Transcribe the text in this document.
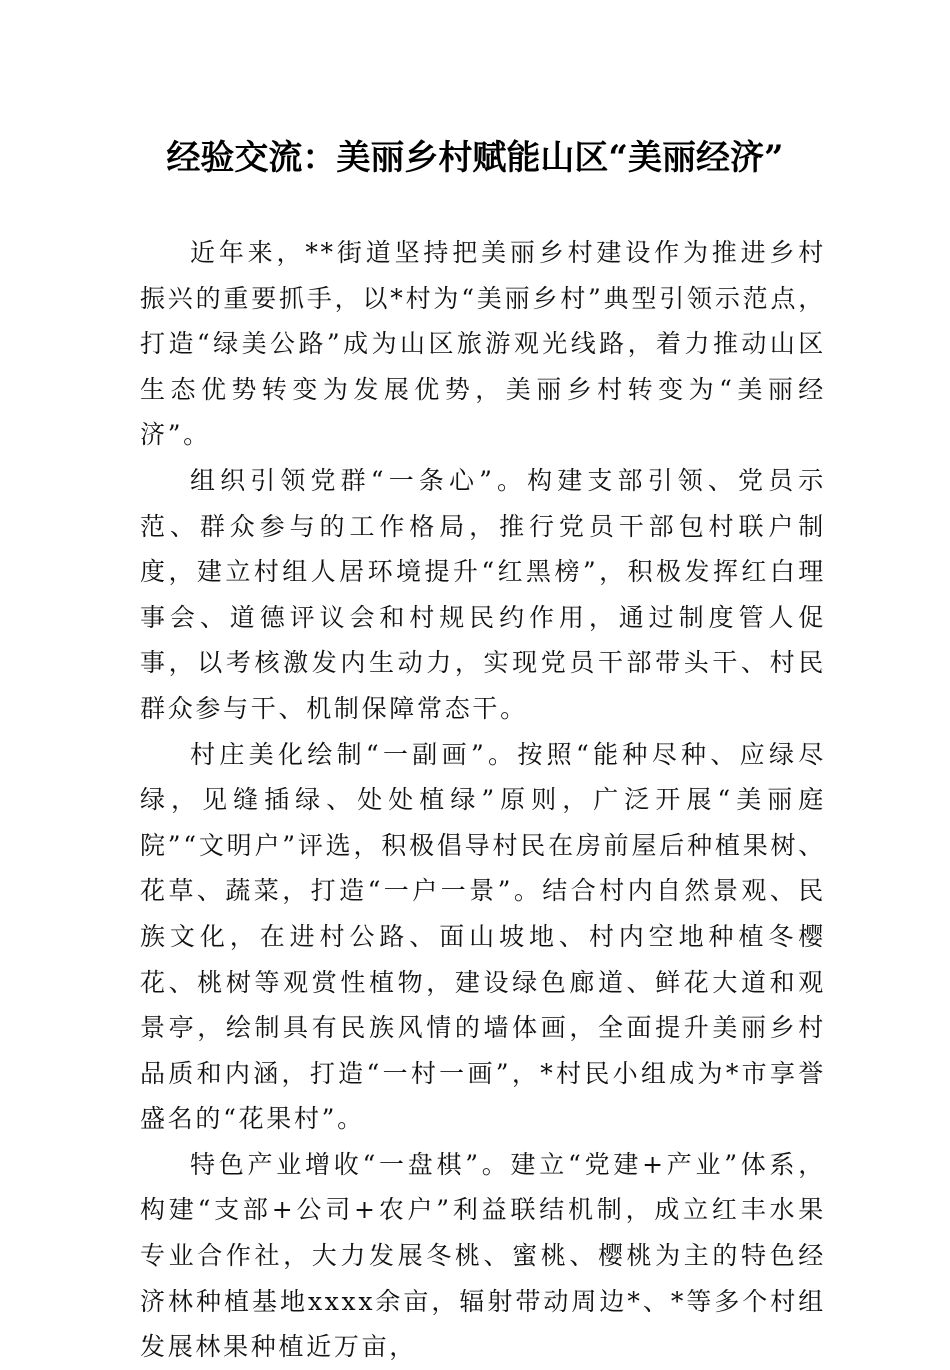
经验交流：美丽乡村赋能山区“美丽经济”

近年来，**街道坚持把美丽乡村建设作为推进乡村振兴的重要抓手，以*村为“美丽乡村”典型引领示范点，打造“绿美公路”成为山区旅游观光线路，着力推动山区生态优势转变为发展优势，美丽乡村转变为“美丽经济”。

组织引领党群“一条心”。构建支部引领、党员示范、群众参与的工作格局，推行党员干部包村联户制度，建立村组人居环境提升“红黑榜”，积极发挥红白理事会、道德评议会和村规民约作用，通过制度管人促事，以考核激发内生动力，实现党员干部带头干、村民群众参与干、机制保障常态干。

村庄美化绘制“一副画”。按照“能种尽种、应绿尽绿，见缝插绿、处处植绿”原则，广泛开展“美丽庭院”“文明户”评选，积极倡导村民在房前屋后种植果树、花草、蔬菜，打造“一户一景”。结合村内自然景观、民族文化，在进村公路、面山坡地、村内空地种植冬樱花、桃树等观赏性植物，建设绿色廊道、鲜花大道和观景亭，绘制具有民族风情的墙体画，全面提升美丽乡村品质和内涵，打造“一村一画”，*村民小组成为*市享誉盛名的“花果村”。

特色产业增收“一盘棋”。建立“党建+产业”体系，构建“支部+公司+农户”利益联结机制，成立红丰水果专业合作社，大力发展冬桃、蜜桃、樱桃为主的特色经济林种植基地xxxx余亩，辐射带动周边*、*等多个村组发展林果种植近万亩，
